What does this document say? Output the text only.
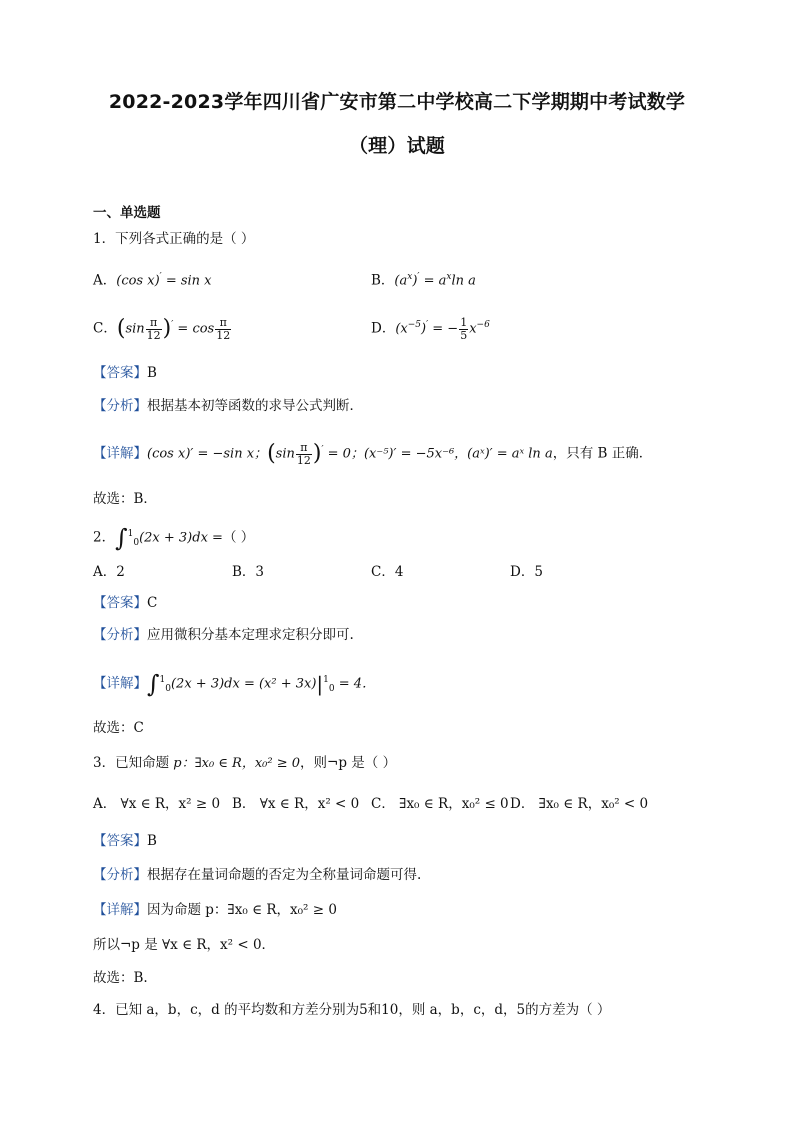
2022-2023学年四川省广安市第二中学校高二下学期期中考试数学
（理）试题
一、单选题
1．下列各式正确的是（ ）
A．(cos x)′ = sin x	B．$(a^x)' = a^x\ln$ a
C．$(\sin \frac{\pi}{12} )' = \cos \frac{\pi}{12}$	D．$(x^{-5})'$ = − $\frac{1}{5} x^{-6}$
【答案】B
【分析】根据基本初等函数的求导公式判断．
【详解】(cos x)′ = −sin x；$(\sin \frac{\pi}{12} )' = 0$；(x⁻⁵)′ = −5x⁻⁶，(aˣ)′ = aˣ ln a，只有 B 正确．
故选：B．
2．∫$^1_0$(2x + 3)dx =（ ）
A．2	B．3	C．4	D．5
【答案】C
【分析】应用微积分基本定理求定积分即可.
【详解】$\int^1_0(2x + 3)dx = (x^2 + 3x)|^1_0 = 4$．
故选：C
3．已知命题 p：∃x₀ ∈ R，x₀² ≥ 0，则¬p 是（ ）
A． ∀x ∈ R，x² ≥ 0 B． ∀x ∈ R，x² < 0 C． ∃x₀ ∈ R，x₀² ≤ 0 D． ∃x₀ ∈ R，x₀² < 0
【答案】B
【分析】根据存在量词命题的否定为全称量词命题可得.
【详解】因为命题 p：∃x₀ ∈ R，x₀² ≥ 0
所以¬p 是 ∀x ∈ R，x² < 0．
故选：B.
4．已知 a，b，c，d 的平均数和方差分别为5和10，则 a，b，c，d，5的方差为（ ）
